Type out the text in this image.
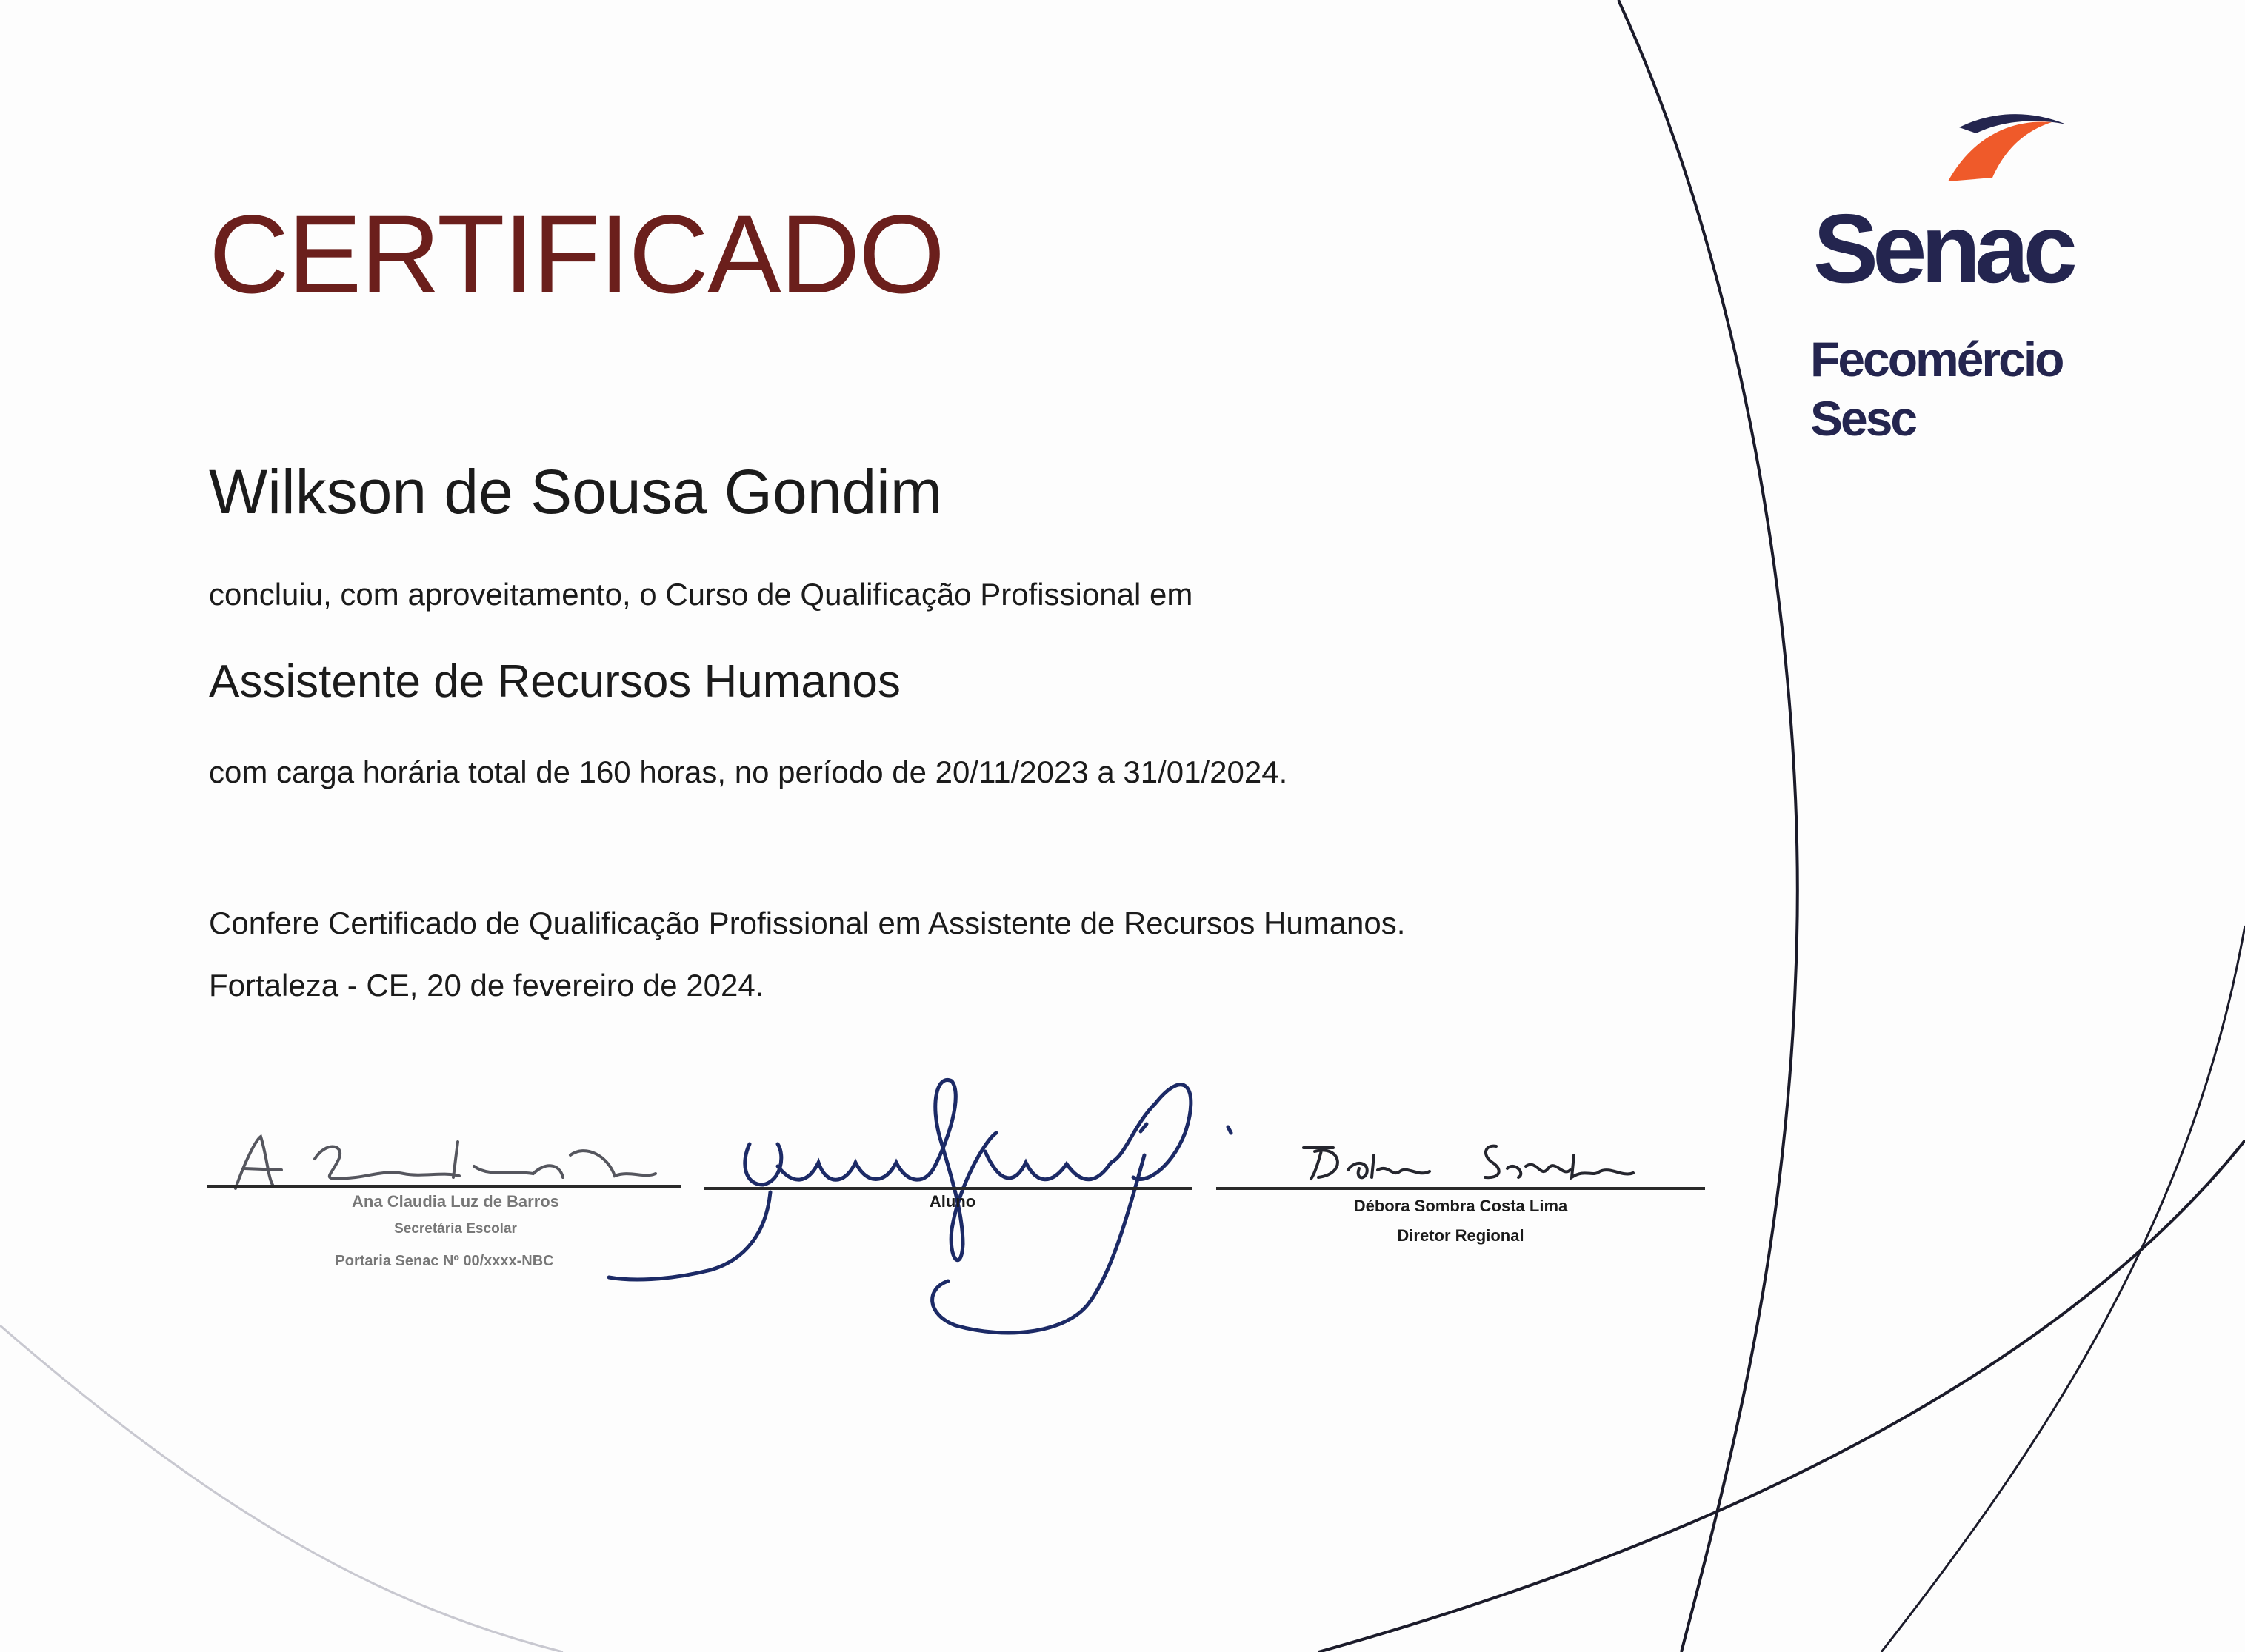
CERTIFICADO
Wilkson de Sousa Gondim
concluiu, com aproveitamento, o Curso de Qualificação Profissional em
Assistente de Recursos Humanos
com carga horária total de 160 horas, no período de 20/11/2023 a 31/01/2024.
Confere Certificado de Qualificação Profissional em Assistente de Recursos Humanos.
Fortaleza - CE, 20 de fevereiro de 2024.
Ana Claudia Luz de Barros
Secretária Escolar
Portaria Senac Nº 00/xxxx-NBC
Aluno	Débora Sombra Costa Lima
Diretor Regional
Senac
Fecomércio
Sesc
